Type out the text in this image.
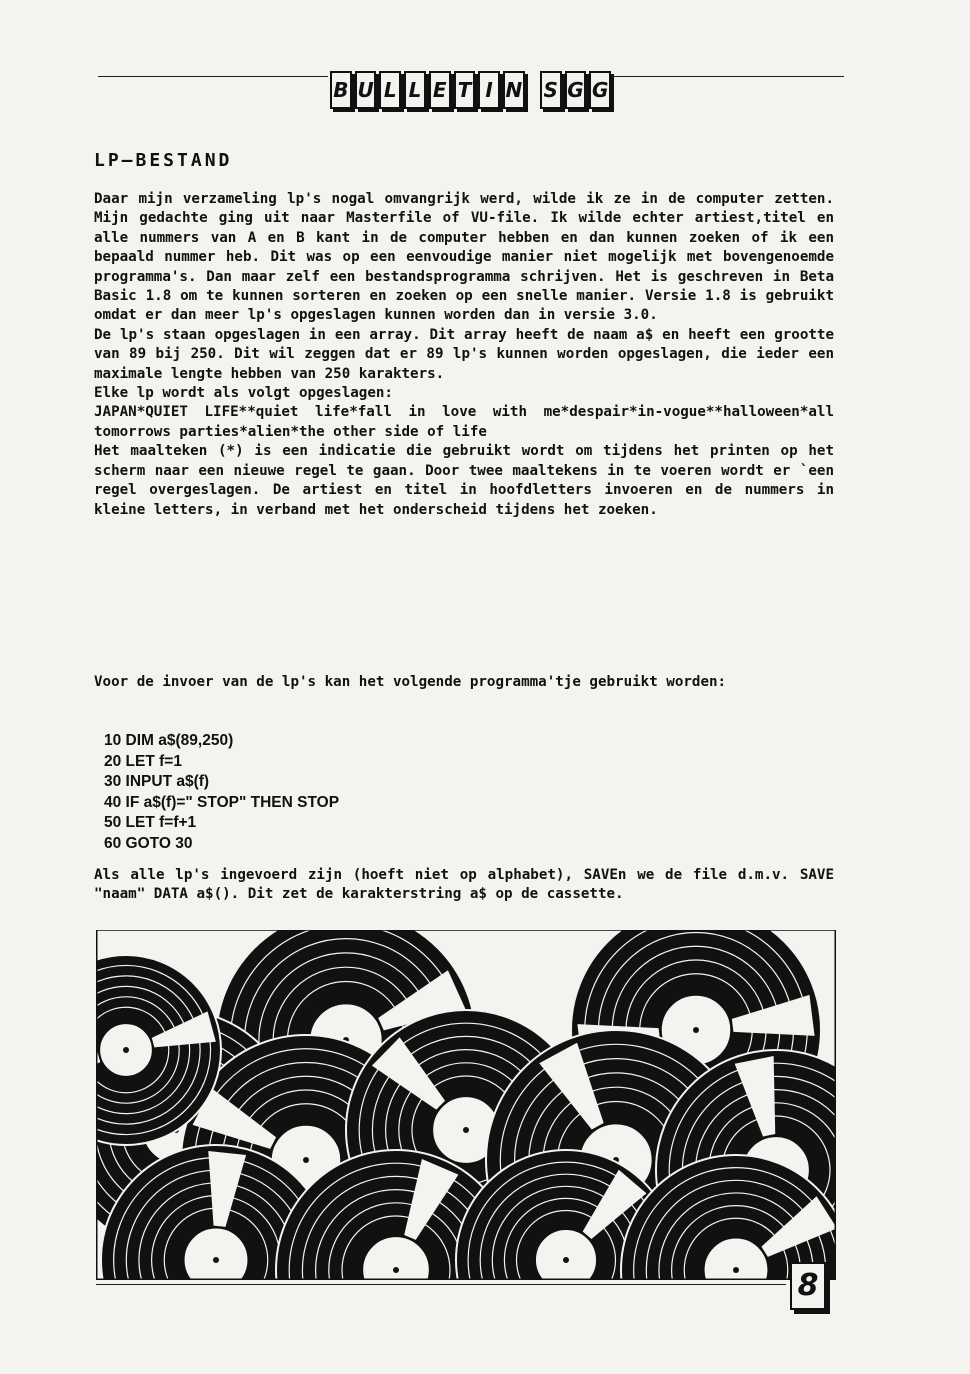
B U L L E T I N S G G
LP–BESTAND

Daar mijn verzameling lp's nogal omvangrijk werd, wilde ik ze in de computer zetten. Mijn gedachte ging uit naar Masterfile of VU-file. Ik wilde echter artiest,titel en alle nummers van A en B kant in de computer hebben en dan kunnen zoeken of ik een bepaald nummer heb. Dit was op een eenvoudige manier niet mogelijk met bovengenoemde programma's. Dan maar zelf een bestandsprogramma schrijven. Het is geschreven in Beta Basic 1.8 om te kunnen sorteren en zoeken op een snelle manier. Versie 1.8 is gebruikt omdat er dan meer lp's opgeslagen kunnen worden dan in versie 3.0.
De lp's staan opgeslagen in een array. Dit array heeft de naam a$ en heeft een grootte van 89 bij 250. Dit wil zeggen dat er 89 lp's kunnen worden opgeslagen, die ieder een maximale lengte hebben van 250 karakters.
Elke lp wordt als volgt opgeslagen:
JAPAN*QUIET LIFE**quiet life*fall in love with me*despair*in-vogue**halloween*all tomorrows parties*alien*the other side of life
Het maalteken (*) is een indicatie die gebruikt wordt om tijdens het printen op het scherm naar een nieuwe regel te gaan. Door twee maaltekens in te voeren wordt er `een regel overgeslagen. De artiest en titel in hoofdletters invoeren en de nummers in kleine letters, in verband met het onderscheid tijdens het zoeken.

Voor de invoer van de lp's kan het volgende programma'tje gebruikt worden:

10 DIM a$(89,250)
20 LET f=1
30 INPUT a$(f)
40 IF a$(f)=" STOP" THEN STOP
50 LET f=f+1
60 GOTO 30

Als alle lp's ingevoerd zijn (hoeft niet op alphabet), SAVEn we de file d.m.v. SAVE "naam" DATA a$(). Dit zet de karakterstring a$ op de cassette.

8
